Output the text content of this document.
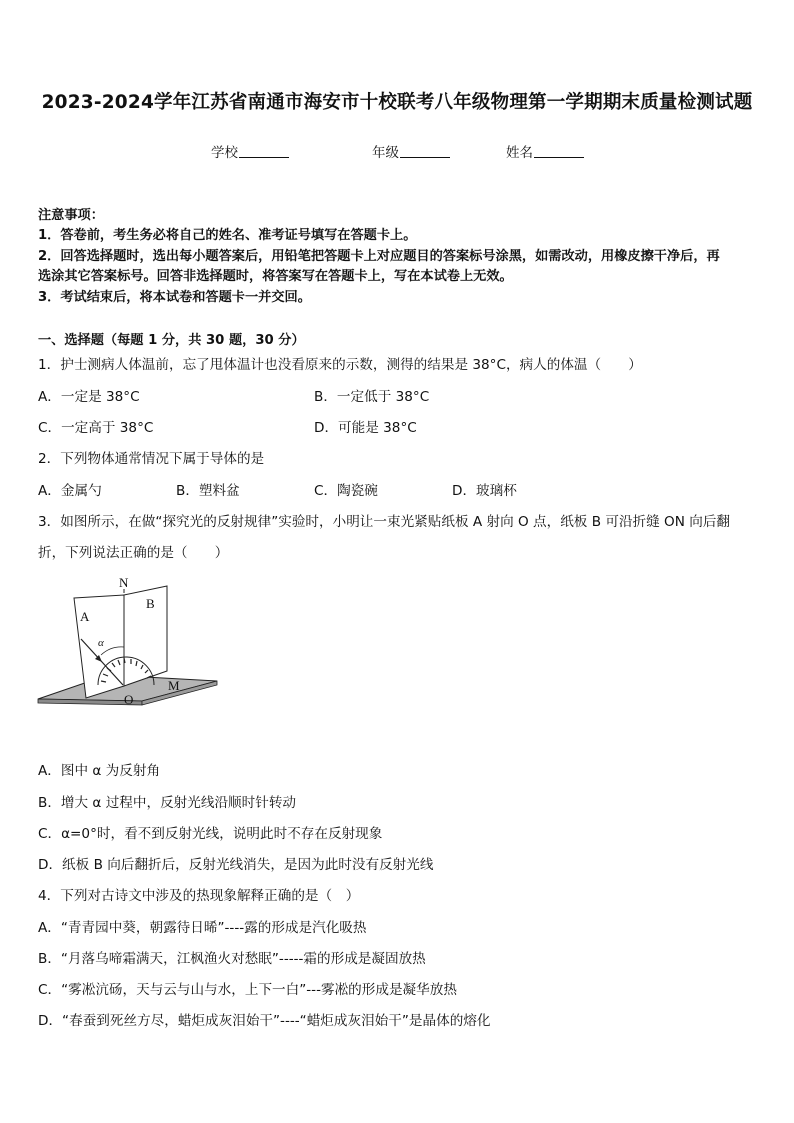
2023-2024学年江苏省南通市海安市十校联考八年级物理第一学期期末质量检测试题
学校	年级	姓名
注意事项：
1．答卷前，考生务必将自己的姓名、准考证号填写在答题卡上。
2．回答选择题时，选出每小题答案后，用铅笔把答题卡上对应题目的答案标号涂黑，如需改动，用橡皮擦干净后，再
选涂其它答案标号。回答非选择题时，将答案写在答题卡上，写在本试卷上无效。
3．考试结束后，将本试卷和答题卡一并交回。
一、选择题（每题 1 分，共 30 题，30 分）
1．护士测病人体温前，忘了甩体温计也没看原来的示数，测得的结果是 38°C，病人的体温（　　）
A．一定是 38°C	B．一定低于 38°C
C．一定高于 38°C	D．可能是 38°C
2．下列物体通常情况下属于导体的是
A．金属勺	B．塑料盆	C．陶瓷碗	D．玻璃杯
3．如图所示，在做“探究光的反射规律”实验时，小明让一束光紧贴纸板 A 射向 O 点，纸板 B 可沿折缝 ON 向后翻
折，下列说法正确的是（　　）
N
A
B
α
O
M
A．图中 α 为反射角
B．增大 α 过程中，反射光线沿顺时针转动
C．α=0°时，看不到反射光线，说明此时不存在反射现象
D．纸板 B 向后翻折后，反射光线消失，是因为此时没有反射光线
4．下列对古诗文中涉及的热现象解释正确的是（　）
A．“青青园中葵，朝露待日晞”----露的形成是汽化吸热
B．“月落乌啼霜满天，江枫渔火对愁眠”-----霜的形成是凝固放热
C．“雾凇沆砀，天与云与山与水，上下一白”---雾凇的形成是凝华放热
D．“春蚕到死丝方尽，蜡炬成灰泪始干”----“蜡炬成灰泪始干”是晶体的熔化
